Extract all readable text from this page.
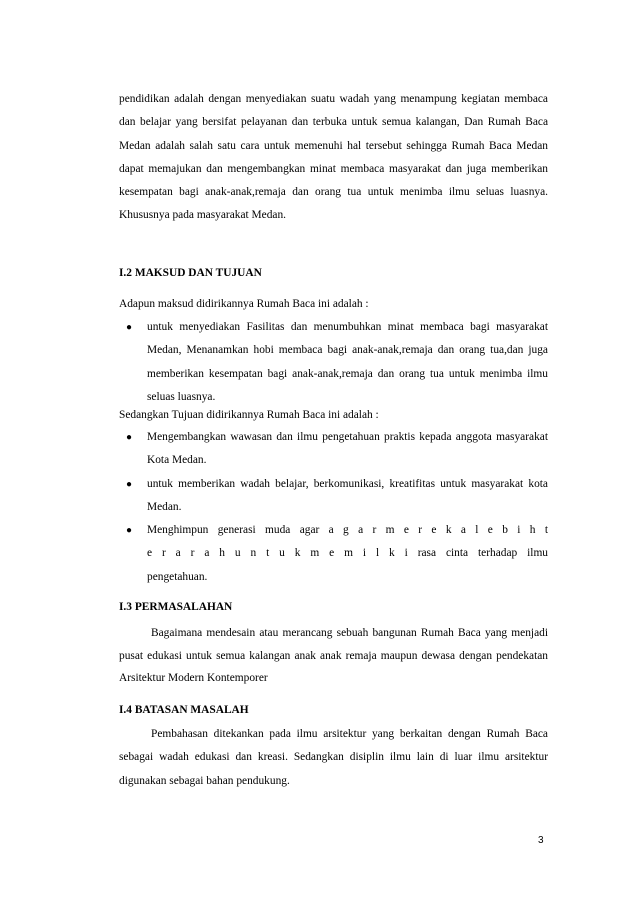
pendidikan adalah dengan menyediakan suatu wadah yang menampung kegiatan membaca dan belajar yang bersifat pelayanan dan terbuka untuk semua kalangan, Dan Rumah Baca Medan adalah salah satu cara untuk memenuhi hal tersebut sehingga Rumah Baca Medan dapat memajukan dan mengembangkan minat membaca masyarakat dan juga memberikan kesempatan bagi anak-anak,remaja dan orang tua untuk menimba ilmu seluas luasnya. Khususnya pada masyarakat Medan.
I.2 MAKSUD DAN TUJUAN
Adapun maksud didirikannya Rumah Baca ini adalah :
● untuk menyediakan Fasilitas dan menumbuhkan minat membaca bagi masyarakat Medan, Menanamkan hobi membaca bagi anak-anak,remaja dan orang tua,dan juga memberikan kesempatan bagi anak-anak,remaja dan orang tua untuk menimba ilmu seluas luasnya.
Sedangkan Tujuan didirikannya Rumah Baca ini adalah :
● Mengembangkan wawasan dan ilmu pengetahuan praktis kepada anggota masyarakat Kota Medan.
● untuk memberikan wadah belajar, berkomunikasi, kreatifitas untuk masyarakat kota Medan.
● Menghimpun generasi muda agar a g a r m e r e k a l e b i h t e r a r a h u n t u k m e m i l k i rasa cinta terhadap ilmu pengetahuan.
I.3 PERMASALAHAN
Bagaimana mendesain atau merancang sebuah bangunan Rumah Baca yang menjadi pusat edukasi untuk semua kalangan anak anak remaja maupun dewasa dengan pendekatan Arsitektur Modern Kontemporer
I.4 BATASAN MASALAH
Pembahasan ditekankan pada ilmu arsitektur yang berkaitan dengan Rumah Baca sebagai wadah edukasi dan kreasi. Sedangkan disiplin ilmu lain di luar ilmu arsitektur digunakan sebagai bahan pendukung.
3
